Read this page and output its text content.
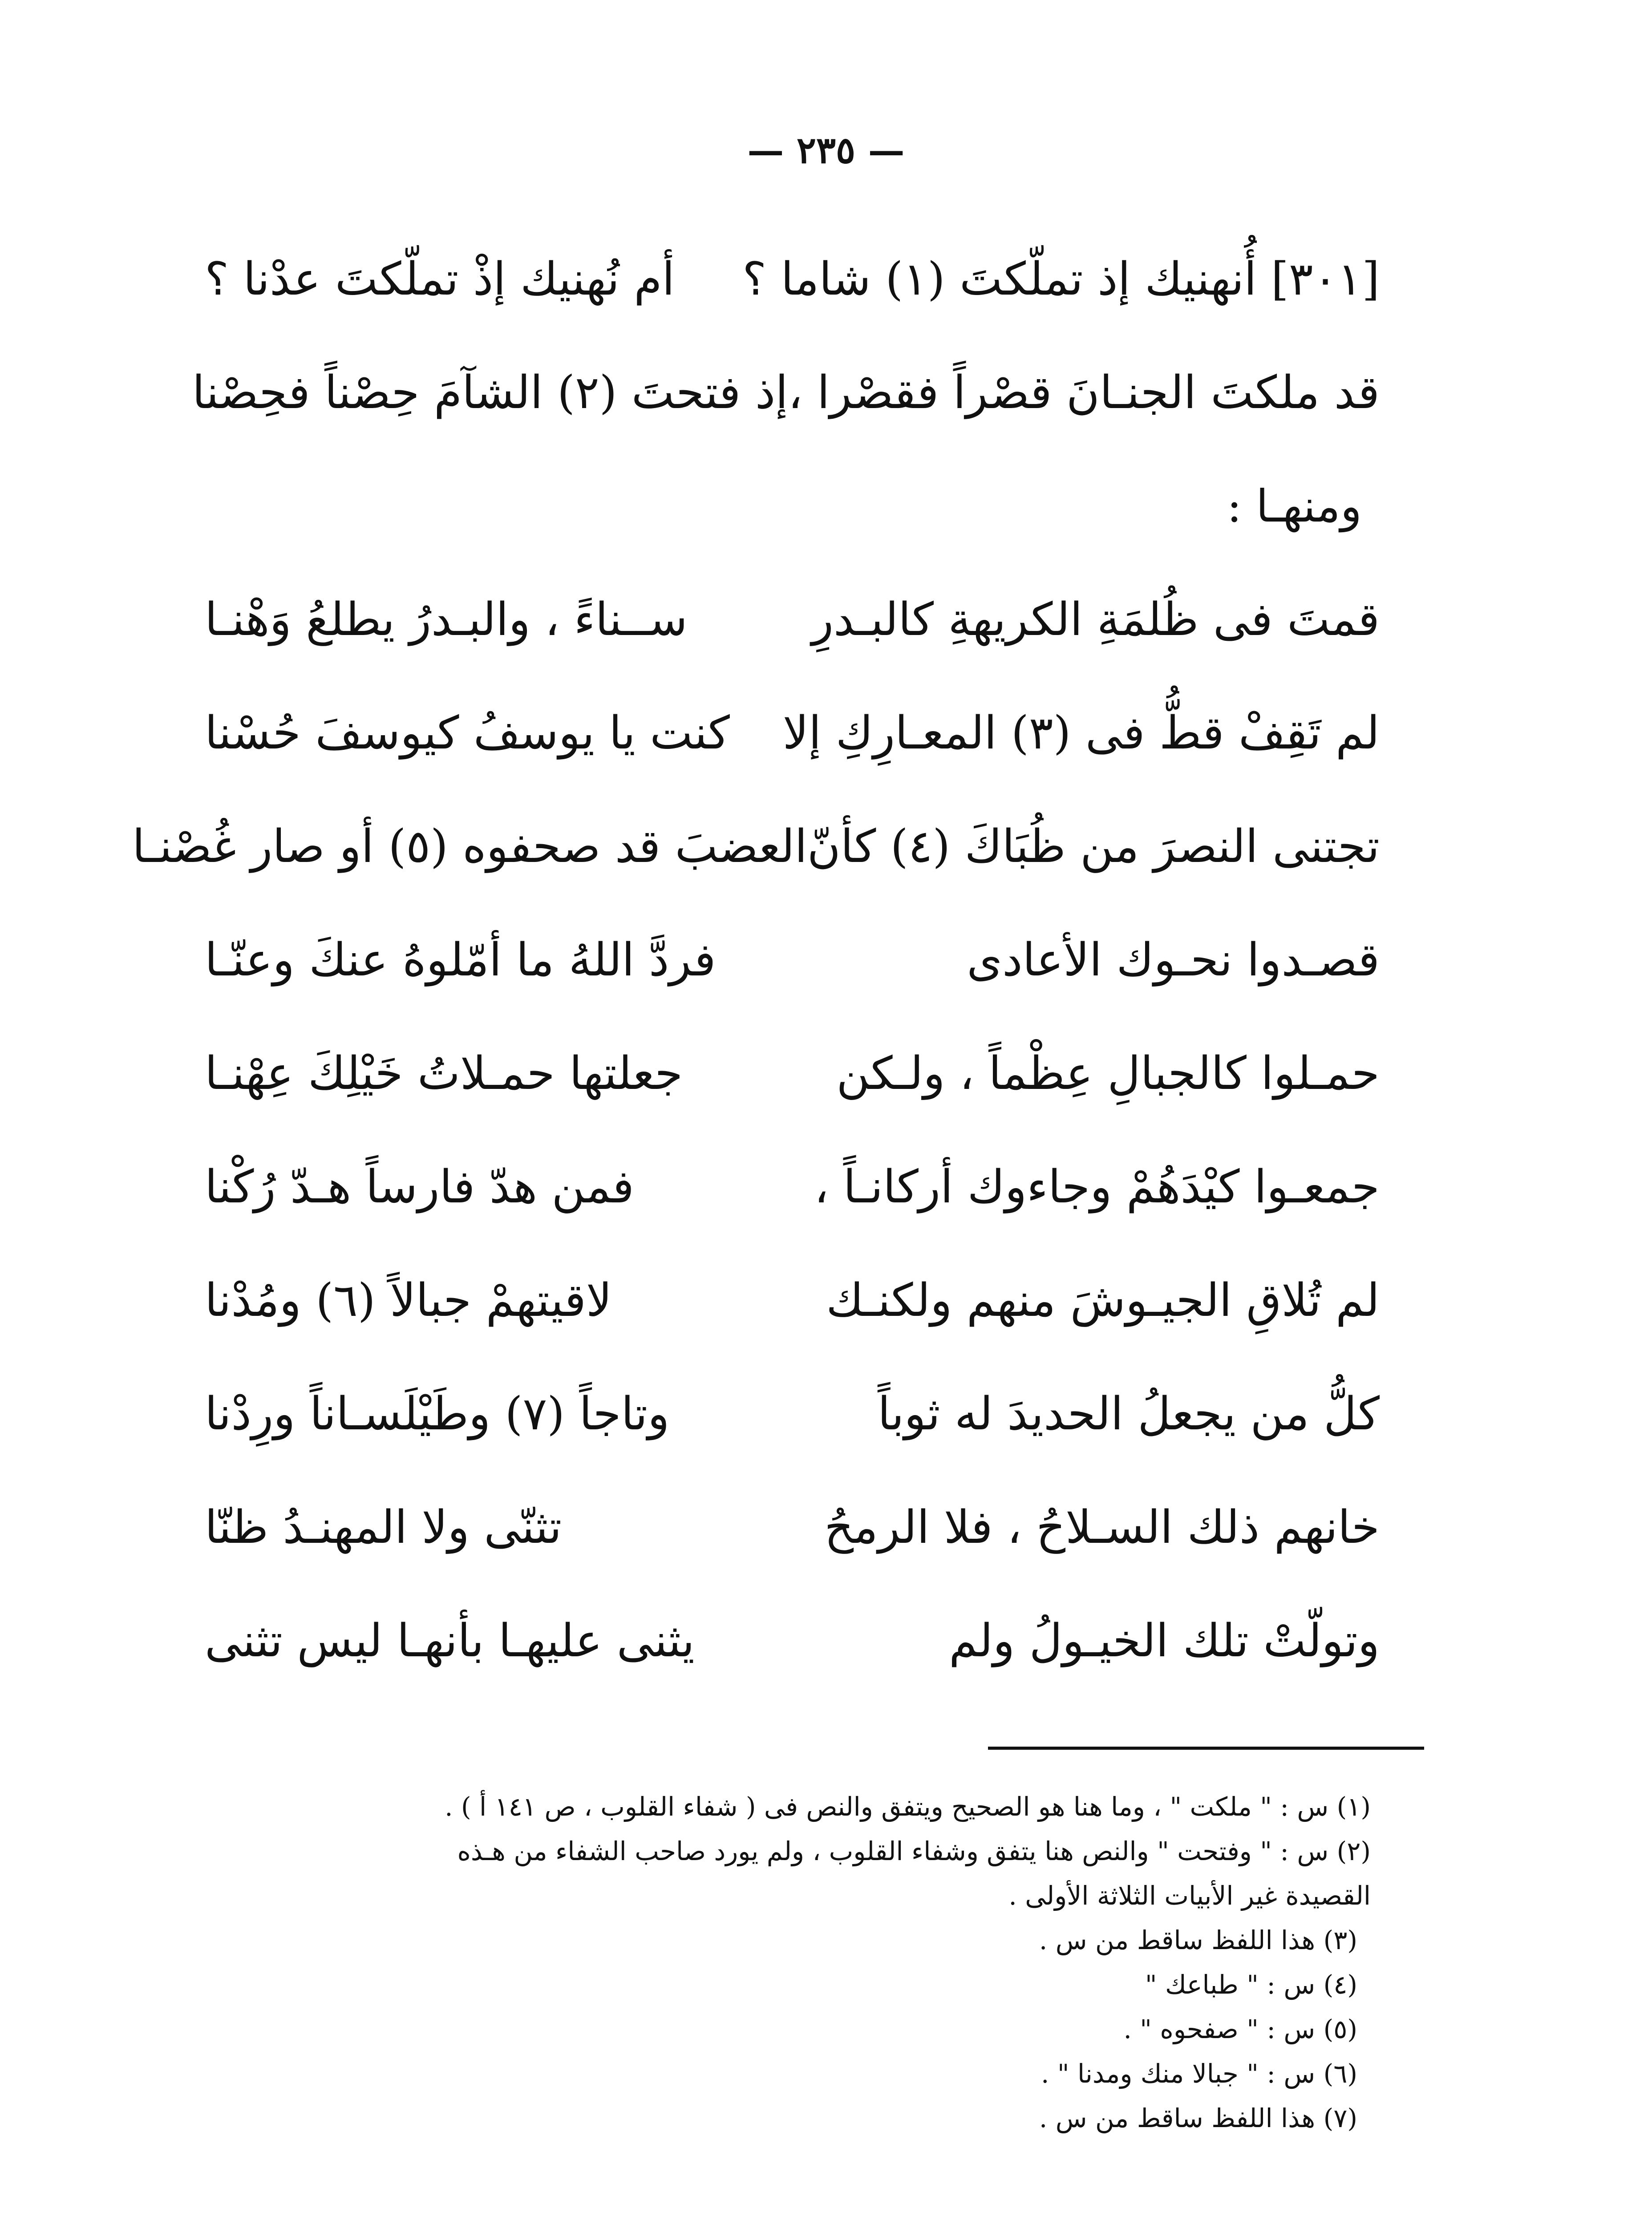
— ٢٣٥ —
[٣٠١] أُنهنيك إذ تملّكتَ (١) شاما ؟
أم نُهنيك إذْ تملّكتَ عدْنا ؟
قد ملكتَ الجنـانَ قصْراً فقصْرا ،
إذ فتحتَ (٢) الشآمَ حِصْناً فحِصْنا
ومنهـا :
قمتَ فى ظُلمَةِ الكريهةِ كالبـدرِ
ســناءً ، والبـدرُ يطلعُ وَهْنـا
لم تَقِفْ قطُّ فى (٣) المعـارِكِ إلا
كنت يا يوسفُ كيوسفَ حُسْنا
تجتنى النصرَ من ظُبَاكَ (٤) كأنّ
العضبَ قد صحفوه (٥) أو صار غُصْنـا
قصـدوا نحـوك الأعادى
فردَّ اللهُ ما أمّلوهُ عنكَ وعنّـا
حمـلوا كالجبالِ عِظْماً ، ولـكن
جعلتها حمـلاتُ خَيْلِكَ عِهْنـا
جمعـوا كيْدَهُمْ وجاءوك أركانـاً ،
فمن هدّ فارساً هـدّ رُكْنا
لم تُلاقِ الجيـوشَ منهم ولكنـك
لاقيتهمْ جبالاً (٦) ومُدْنا
كلُّ من يجعلُ الحديدَ له ثوباً
وتاجاً (٧) وطَيْلَسـاناً ورِدْنا
خانهم ذلك السـلاحُ ، فلا الرمحُ
تثنّى ولا المهنـدُ ظنّا
وتولّتْ تلك الخيـولُ ولم
يثنى عليهـا بأنهـا ليس تثنى
(١) س : " ملكت " ، وما هنا هو الصحيح ويتفق والنص فى ( شفاء القلوب ، ص ١٤١ أ ) .
(٢) س : " وفتحت " والنص هنا يتفق وشفاء القلوب ، ولم يورد صاحب الشفاء من هـذه
القصيدة غير الأبيات الثلاثة الأولى .
(٣) هذا اللفظ ساقط من س .
(٤) س : " طباعك "
(٥) س : " صفحوه " .
(٦) س : " جبالا منك ومدنا " .
(٧) هذا اللفظ ساقط من س .
